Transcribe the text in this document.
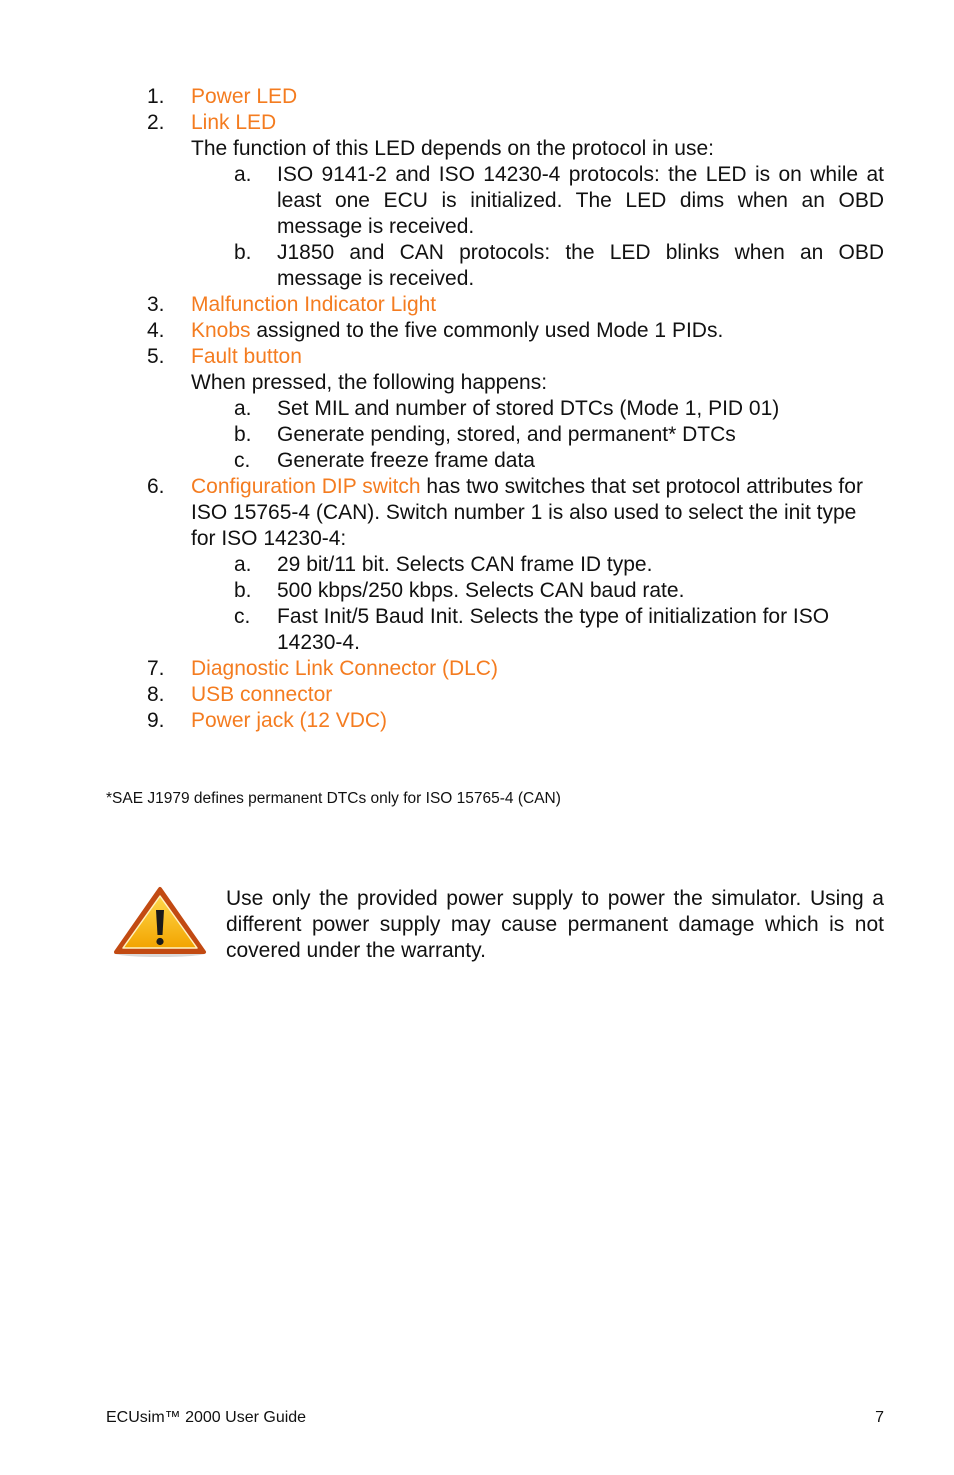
1. Power LED
2. Link LED
The function of this LED depends on the protocol in use:
a. ISO 9141-2 and ISO 14230-4 protocols: the LED is on while at least one ECU is initialized. The LED dims when an OBD message is received.
b. J1850 and CAN protocols: the LED blinks when an OBD message is received.
3. Malfunction Indicator Light
4. Knobs assigned to the five commonly used Mode 1 PIDs.
5. Fault button
When pressed, the following happens:
a. Set MIL and number of stored DTCs (Mode 1, PID 01)
b. Generate pending, stored, and permanent* DTCs
c. Generate freeze frame data
6. Configuration DIP switch has two switches that set protocol attributes for ISO 15765-4 (CAN). Switch number 1 is also used to select the init type for ISO 14230-4:
a. 29 bit/11 bit. Selects CAN frame ID type.
b. 500 kbps/250 kbps. Selects CAN baud rate.
c. Fast Init/5 Baud Init. Selects the type of initialization for ISO 14230-4.
7. Diagnostic Link Connector (DLC)
8. USB connector
9. Power jack (12 VDC)
*SAE J1979 defines permanent DTCs only for ISO 15765-4 (CAN)
Use only the provided power supply to power the simulator. Using a different power supply may cause permanent damage which is not covered under the warranty.
ECUsim™ 2000 User Guide	7
